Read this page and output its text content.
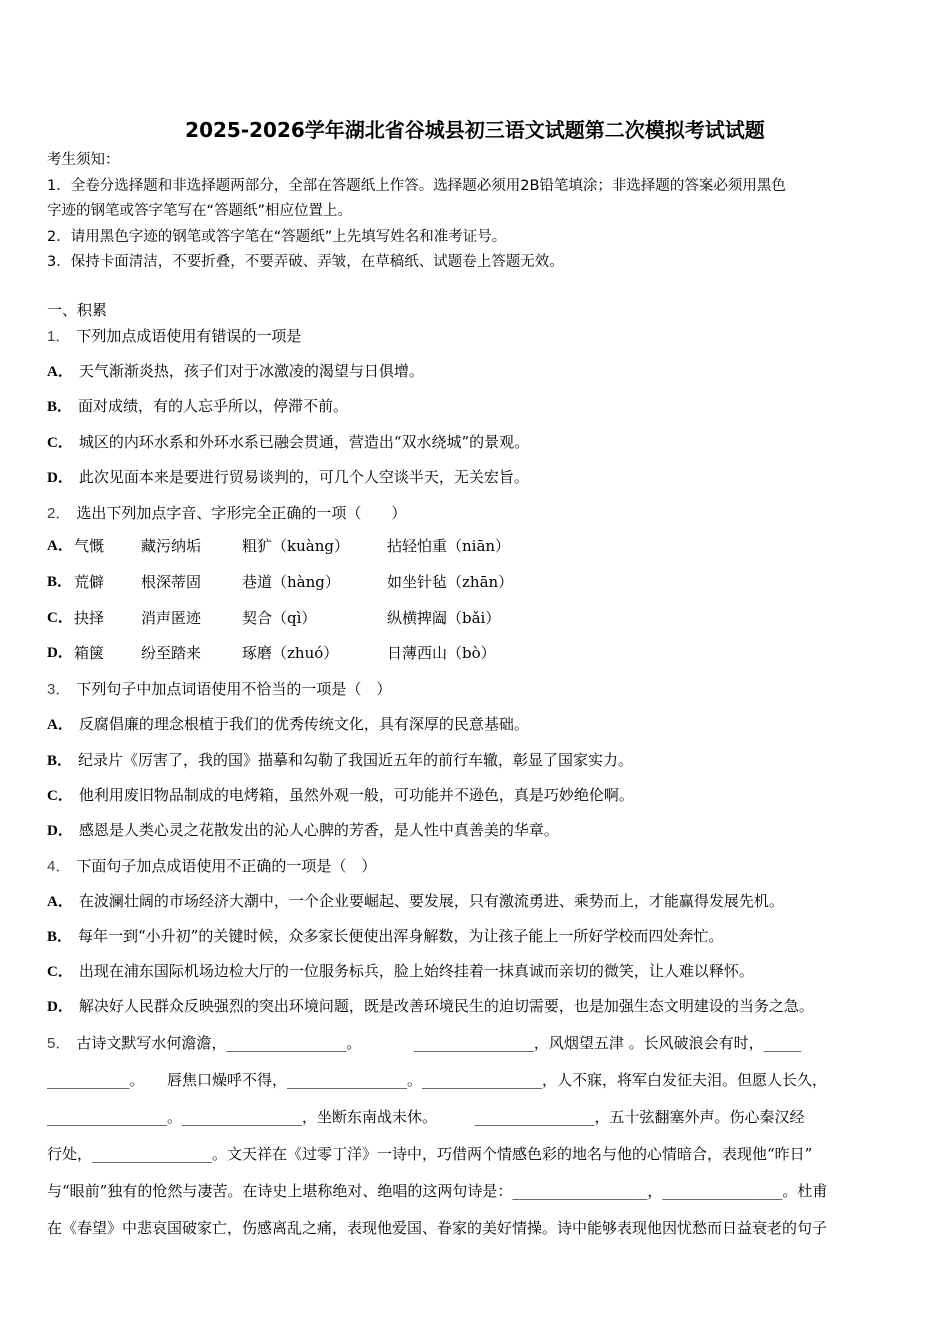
2025-2026学年湖北省谷城县初三语文试题第二次模拟考试试题
考生须知：
1．全卷分选择题和非选择题两部分，全部在答题纸上作答。选择题必须用2B铅笔填涂；非选择题的答案必须用黑色
字迹的钢笔或答字笔写在“答题纸”相应位置上。
2．请用黑色字迹的钢笔或答字笔在“答题纸”上先填写姓名和准考证号。
3．保持卡面清洁，不要折叠，不要弄破、弄皱，在草稿纸、试题卷上答题无效。
一、积累
1． 下列加点成语使用有错误的一项是
A． 天气渐渐炎热，孩子们对于冰激凌的渴望与日俱增。
B． 面对成绩，有的人忘乎所以，停滞不前。
C． 城区的内环水系和外环水系已融会贯通，营造出“双水绕城”的景观。
D． 此次见面本来是要进行贸易谈判的，可几个人空谈半天，无关宏旨。
2． 选出下列加点字音、字形完全正确的一项（　　）
A． 气慨 藏污纳垢	粗犷（kuàng）	拈轻怕重（niān）
B． 荒僻 根深蒂固	巷道（hàng）	如坐针毡（zhān）
C． 抉择 消声匿迹	契合（qì）	纵横捭阖（bǎi）
D． 箱箧 纷至踏来	琢磨（zhuó）	日薄西山（bò）
3． 下列句子中加点词语使用不恰当的一项是（　）
A． 反腐倡廉的理念根植于我们的优秀传统文化，具有深厚的民意基础。
B． 纪录片《厉害了，我的国》描摹和勾勒了我国近五年的前行车辙，彰显了国家实力。
C． 他利用废旧物品制成的电烤箱，虽然外观一般，可功能并不逊色，真是巧妙绝伦啊。
D． 感恩是人类心灵之花散发出的沁人心脾的芳香，是人性中真善美的华章。
4． 下面句子加点成语使用不正确的一项是（　）
A． 在波澜壮阔的市场经济大潮中，一个企业要崛起、要发展，只有激流勇进、乘势而上，才能赢得发展先机。
B． 每年一到“小升初”的关键时候，众多家长便使出浑身解数，为让孩子能上一所好学校而四处奔忙。
C． 出现在浦东国际机场边检大厅的一位服务标兵，脸上始终挂着一抹真诚而亲切的微笑，让人难以释怀。
D． 解决好人民群众反映强烈的突出环境问题，既是改善环境民生的迫切需要，也是加强生态文明建设的当务之急。
5． 古诗文默写水何澹澹，________________。　　　　________________，风烟望五津 。长风破浪会有时，_____
___________。　　唇焦口燥呼不得，________________。________________，人不寐，将军白发征夫泪。但愿人长久，
________________。________________，坐断东南战未休。　　　________________，五十弦翻塞外声。伤心秦汉经
行处，________________。文天祥在《过零丁洋》一诗中，巧借两个情感色彩的地名与他的心情暗合，表现他“昨日”
与“眼前”独有的怆然与凄苦。在诗史上堪称绝对、绝唱的这两句诗是：__________________，________________。杜甫
在《春望》中悲哀国破家亡，伤感离乱之痛，表现他爱国、眷家的美好情操。诗中能够表现他因忧愁而日益衰老的句子
